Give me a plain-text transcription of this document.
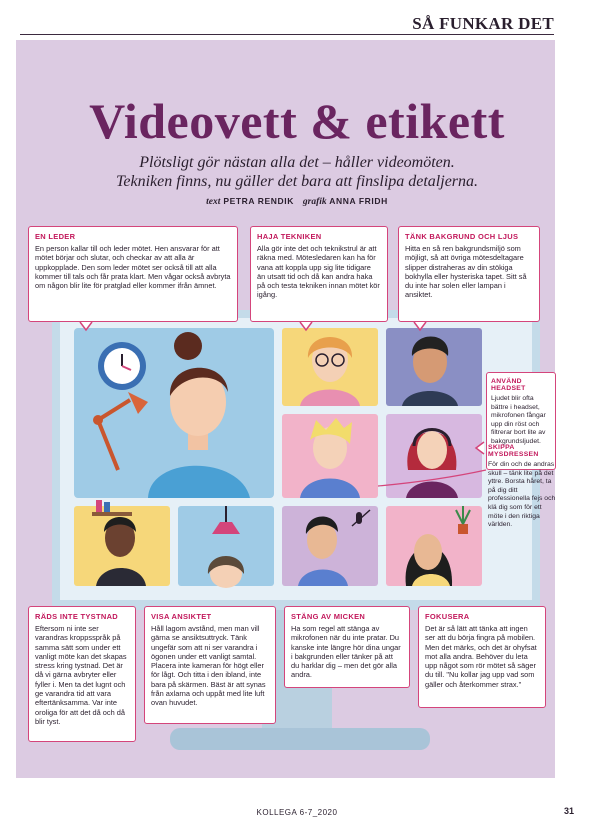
SÅ FUNKAR DET
Videovett & etikett
Plötsligt gör nästan alla det – håller videomöten.
Tekniken finns, nu gäller det bara att finslipa detaljerna.
text PETRA RENDIK grafik ANNA FRIDH
EN LEDER

En person kallar till och leder mötet. Hen ansvarar för att mötet börjar och slutar, och checkar av att alla är uppkopplade. Den som leder mötet ser också till att alla kommer till tals och får prata klart. Men vågar också avbryta om någon blir lite för pratglad eller kommer ifrån ämnet.

HAJA TEKNIKEN

Alla gör inte det och teknikstrul är att räkna med. Mötesledaren kan ha för vana att koppla upp sig lite tidigare än utsatt tid och då kan andra haka på och testa tekniken innan mötet kör igång.

TÄNK BAKGRUND OCH LJUS

Hitta en så ren bakgrundsmiljö som möjligt, så att övriga mötesdeltagare slipper distraheras av din stökiga bokhylla eller hysteriska tapet. Sitt så du inte har solen eller lampan i ansiktet.

ANVÄND HEADSET

Ljudet blir ofta bättre i headset, mikrofonen fångar upp din röst och filtrerar bort lite av bakgrundsljudet.

SKIPPA MYSDRESSEN

För din och de andras skull – tänk lite på det yttre. Borsta håret, ta på dig ditt professionella fejs och klä dig som för ett möte i den riktiga världen.

RÄDS INTE TYSTNAD

Eftersom ni inte ser varandras kroppsspråk på samma sätt som under ett vanligt möte kan det skapas stress kring tystnad. Det är då vi gärna avbryter eller fyller i. Men ta det lugnt och ge varandra tid att vara eftertänksamma. Var inte oroliga för att det då och då blir tyst.

VISA ANSIKTET

Håll lagom avstånd, men man vill gärna se ansiktsuttryck. Tänk ungefär som att ni ser varandra i ögonen under ett vanligt samtal. Placera inte kameran för högt eller för lågt. Och titta i den ibland, inte bara på skärmen. Bäst är att synas från axlarna och uppåt med lite luft ovan huvudet.

STÄNG AV MICKEN

Ha som regel att stänga av mikrofonen när du inte pratar. Du kanske inte längre hör dina ungar i bakgrunden eller tänker på att du harklar dig – men det gör alla andra.

FOKUSERA

Det är så lätt att tänka att ingen ser att du börja fingra på mobilen. Men det märks, och det är ohyfsat mot alla andra. Behöver du leta upp något som rör mötet så säger du till. "Nu kollar jag upp vad som gäller och återkommer strax."

KOLLEGA 6-7_2020	31
